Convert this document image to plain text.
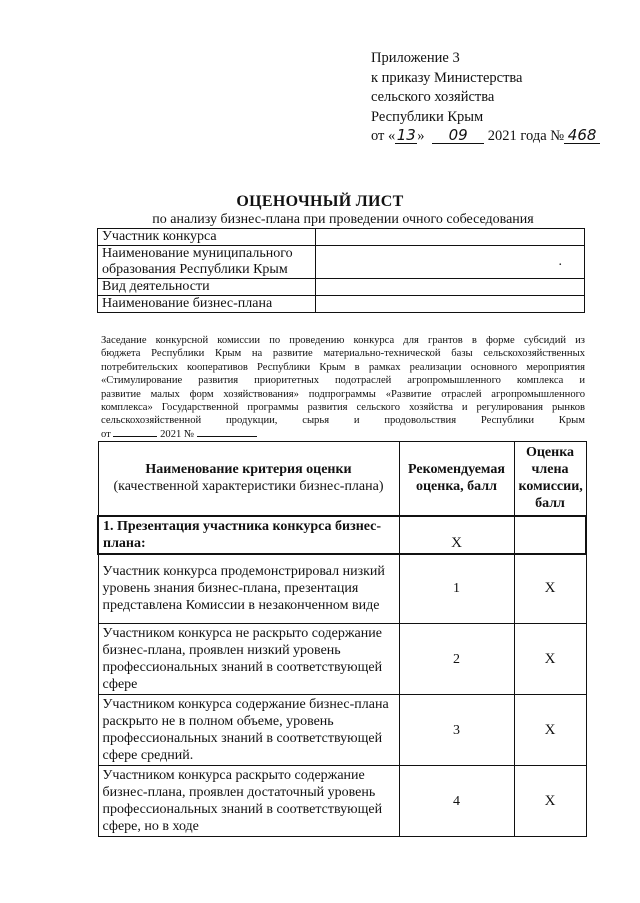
Приложение 3
к приказу Министерства
сельского хозяйства
Республики Крым
от «13» 09 2021 года № 468
ОЦЕНОЧНЫЙ ЛИСТ
по анализу бизнес-плана при проведении очного собеседования
Участник конкурса	
Наименование муниципального образования Республики Крым	.
Вид деятельности	
Наименование бизнес-плана	
Заседание конкурсной комиссии по проведению конкурса для грантов в форме субсидий из
бюджета Республики Крым на развитие материально-технической базы сельскохозяйственных
потребительских кооперативов Республики Крым в рамках реализации основного мероприятия
«Стимулирование развития приоритетных подотраслей агропромышленного комплекса и
развитие малых форм хозяйствования» подпрограммы «Развитие отраслей агропромышленного
комплекса» Государственной программы развития сельского хозяйства и регулирования рынков
сельскохозяйственной продукции, сырья и продовольствия Республики Крым
от	2021 №
Наименование критерия оценки
(качественной характеристики бизнес-плана)	Рекомендуемая оценка, балл	Оценка члена комиссии, балл
1. Презентация участника конкурса бизнес-плана:	X	
Участник конкурса продемонстрировал низкий уровень знания бизнес-плана, презентация представлена Комиссии в незаконченном виде	1	X
Участником конкурса не раскрыто содержание бизнес-плана, проявлен низкий уровень профессиональных знаний в соответствующей сфере	2	X
Участником конкурса содержание бизнес-плана раскрыто не в полном объеме, уровень профессиональных знаний в соответствующей сфере средний.	3	X
Участником конкурса раскрыто содержание бизнес-плана, проявлен достаточный уровень профессиональных знаний в соответствующей сфере, но в ходе	4	X
